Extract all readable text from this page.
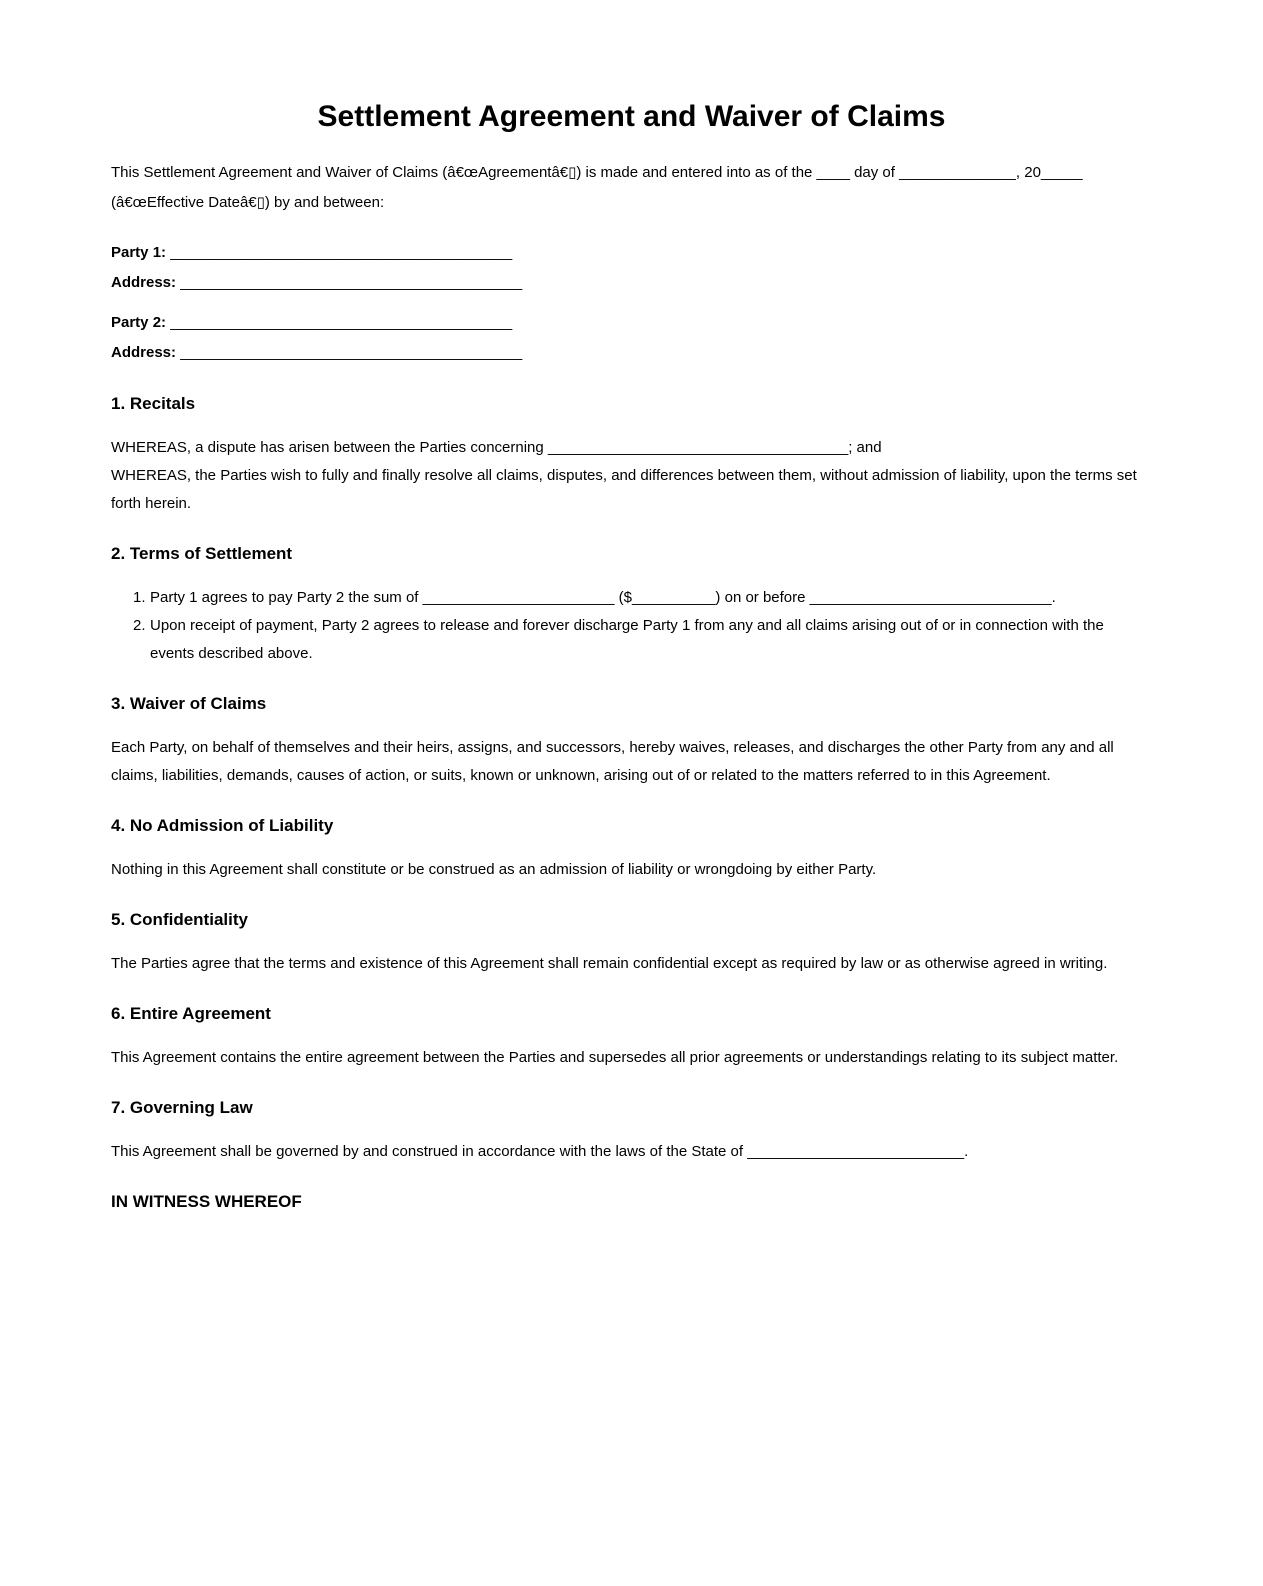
Settlement Agreement and Waiver of Claims

This Settlement Agreement and Waiver of Claims (â€œAgreementâ€▯) is made and entered into as of the ____ day of ______________, 20_____ (â€œEffective Dateâ€▯) by and between:

Party 1: _________________________________________

Address: _________________________________________

Party 2: _________________________________________

Address: _________________________________________

1. Recitals

WHEREAS, a dispute has arisen between the Parties concerning ____________________________________; and

WHEREAS, the Parties wish to fully and finally resolve all claims, disputes, and differences between them, without admission of liability, upon the terms set forth herein.

2. Terms of Settlement
1. Party 1 agrees to pay Party 2 the sum of _______________________ ($__________) on or before _____________________________.
2. Upon receipt of payment, Party 2 agrees to release and forever discharge Party 1 from any and all claims arising out of or in connection with the events described above.
3. Waiver of Claims

Each Party, on behalf of themselves and their heirs, assigns, and successors, hereby waives, releases, and discharges the other Party from any and all claims, liabilities, demands, causes of action, or suits, known or unknown, arising out of or related to the matters referred to in this Agreement.

4. No Admission of Liability

Nothing in this Agreement shall constitute or be construed as an admission of liability or wrongdoing by either Party.

5. Confidentiality

The Parties agree that the terms and existence of this Agreement shall remain confidential except as required by law or as otherwise agreed in writing.

6. Entire Agreement

This Agreement contains the entire agreement between the Parties and supersedes all prior agreements or understandings relating to its subject matter.

7. Governing Law

This Agreement shall be governed by and construed in accordance with the laws of the State of __________________________.

IN WITNESS WHEREOF
